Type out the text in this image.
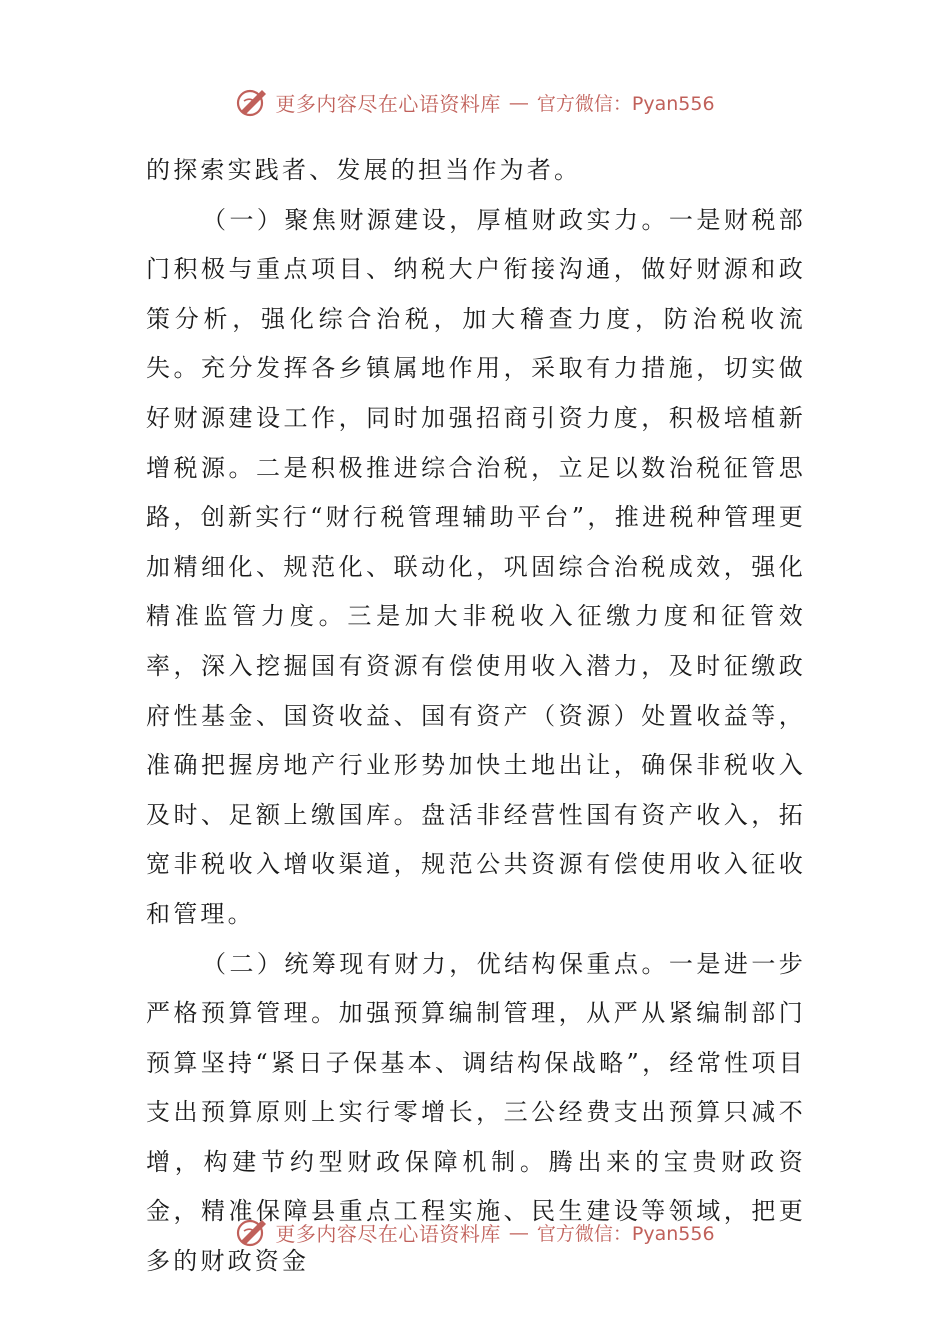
更多内容尽在心语资料库 — 官方微信：Pyan556

的探索实践者、发展的担当作为者。

（一）聚焦财源建设，厚植财政实力。一是财税部门积极与重点项目、纳税大户衔接沟通，做好财源和政策分析，强化综合治税，加大稽查力度，防治税收流失。充分发挥各乡镇属地作用，采取有力措施，切实做好财源建设工作，同时加强招商引资力度，积极培植新增税源。二是积极推进综合治税，立足以数治税征管思路，创新实行“财行税管理辅助平台”，推进税种管理更加精细化、规范化、联动化，巩固综合治税成效，强化精准监管力度。三是加大非税收入征缴力度和征管效率，深入挖掘国有资源有偿使用收入潜力，及时征缴政府性基金、国资收益、国有资产（资源）处置收益等，准确把握房地产行业形势加快土地出让，确保非税收入及时、足额上缴国库。盘活非经营性国有资产收入，拓宽非税收入增收渠道，规范公共资源有偿使用收入征收和管理。

（二）统筹现有财力，优结构保重点。一是进一步严格预算管理。加强预算编制管理，从严从紧编制部门预算坚持“紧日子保基本、调结构保战略”，经常性项目支出预算原则上实行零增长，三公经费支出预算只减不增，构建节约型财政保障机制。腾出来的宝贵财政资金，精准保障县重点工程实施、民生建设等领域，把更多的财政资金

更多内容尽在心语资料库 — 官方微信：Pyan556
